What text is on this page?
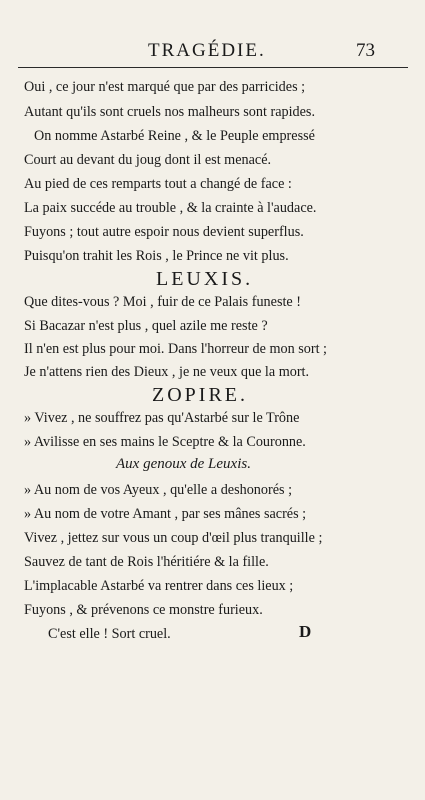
TRAGÉDIE.	73
Oui , ce jour n'est marqué que par des parricides ;
Autant qu'ils sont cruels nos malheurs sont rapides.
On nomme Astarbé Reine , & le Peuple empressé
Court au devant du joug dont il est menacé.
Au pied de ces remparts tout a changé de face :
La paix succéde au trouble , & la crainte à l'audace.
Fuyons ; tout autre espoir nous devient superflus.
Puisqu'on trahit les Rois , le Prince ne vit plus.
LEUXIS.
Que dites-vous ? Moi , fuir de ce Palais funeste !
Si Bacazar n'est plus , quel azile me reste ?
Il n'en est plus pour moi. Dans l'horreur de mon sort ;
Je n'attens rien des Dieux , je ne veux que la mort.
ZOPIRE.
» Vivez , ne souffrez pas qu'Astarbé sur le Trône
» Avilisse en ses mains le Sceptre & la Couronne.
Aux genoux de Leuxis.
» Au nom de vos Ayeux , qu'elle a deshonorés ;
» Au nom de votre Amant , par ses mânes sacrés ;
Vivez , jettez sur vous un coup d'œil plus tranquille ;
Sauvez de tant de Rois l'héritiére & la fille.
L'implacable Astarbé va rentrer dans ces lieux ;
Fuyons , & prévenons ce monstre furieux.
C'est elle ! Sort cruel.	D
